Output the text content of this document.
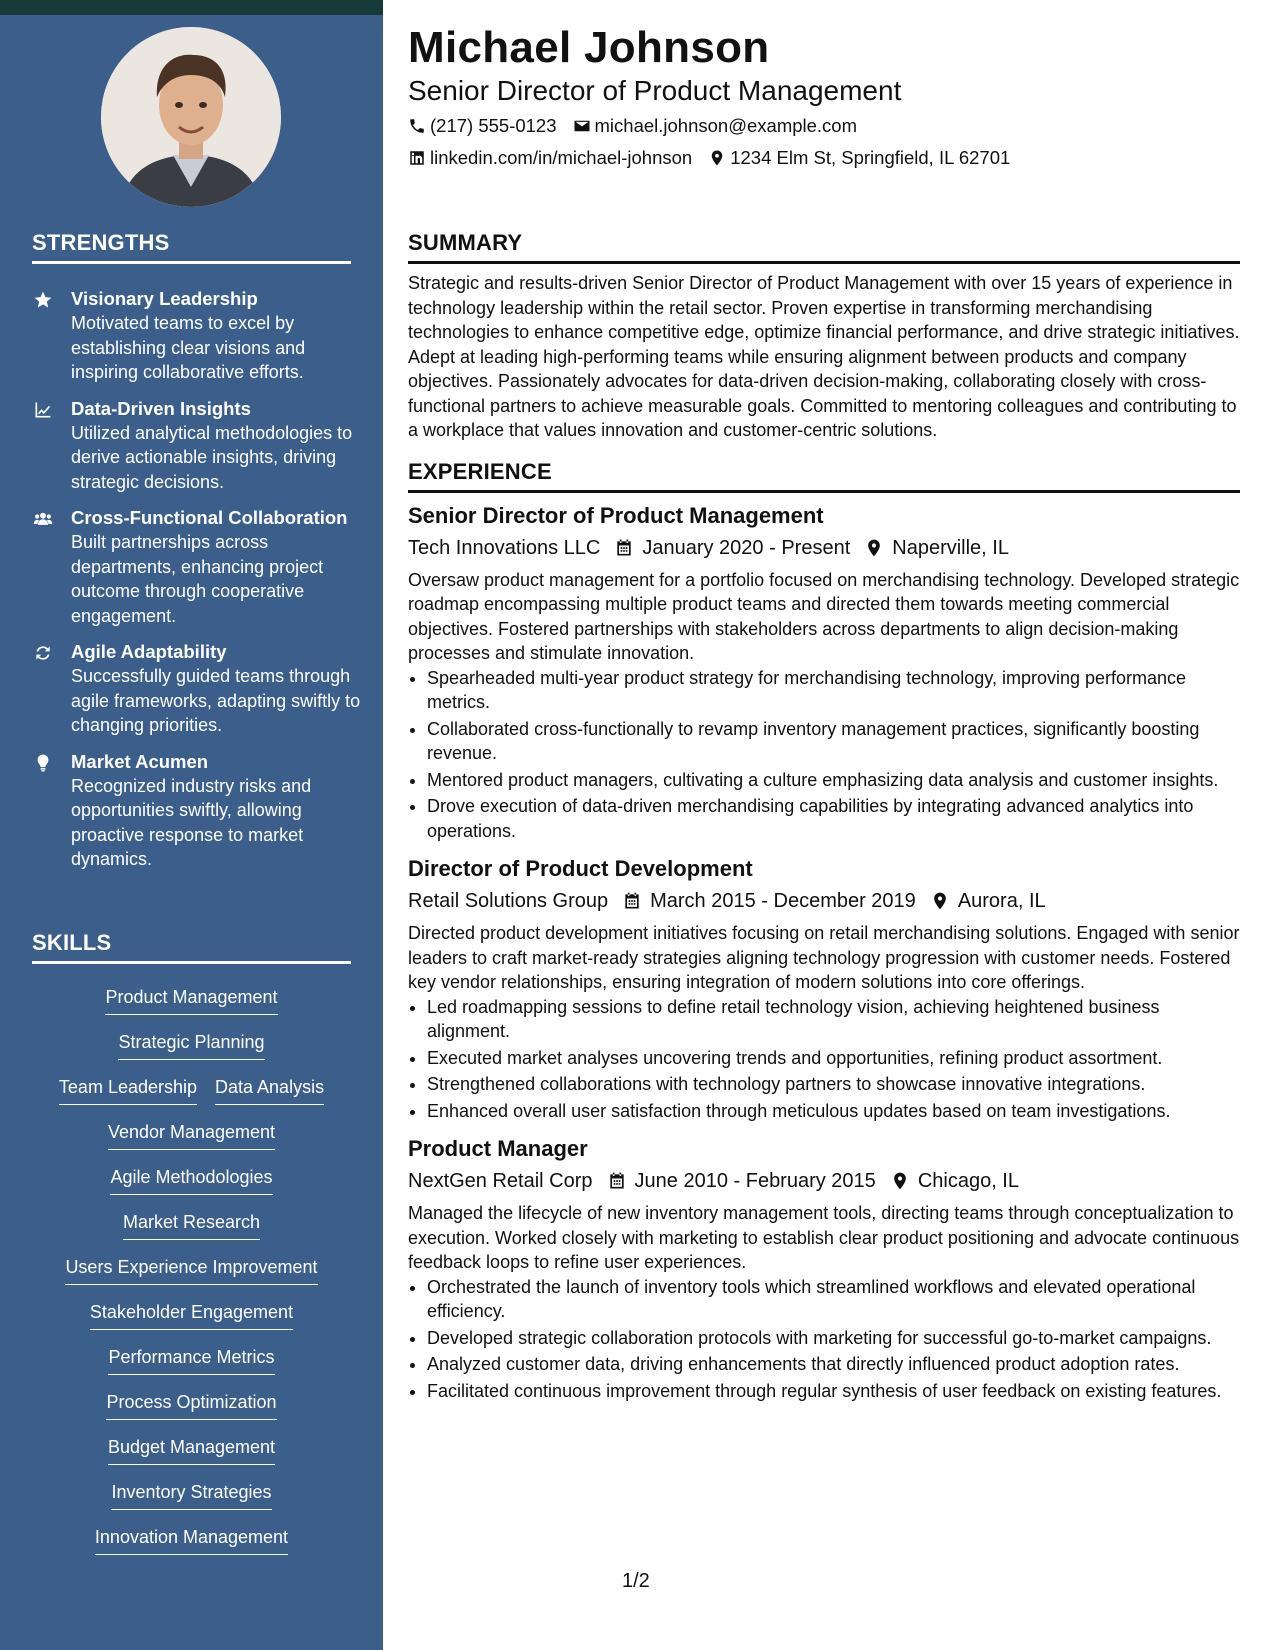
STRENGTHS
Visionary Leadership
Motivated teams to excel by establishing clear visions and inspiring collaborative efforts.
Data-Driven Insights
Utilized analytical methodologies to derive actionable insights, driving strategic decisions.
Cross-Functional Collaboration
Built partnerships across departments, enhancing project outcome through cooperative engagement.
Agile Adaptability
Successfully guided teams through agile frameworks, adapting swiftly to changing priorities.
Market Acumen
Recognized industry risks and opportunities swiftly, allowing proactive response to market dynamics.
SKILLS
Product Management
Strategic Planning
Team Leadership Data Analysis
Vendor Management
Agile Methodologies
Market Research
Users Experience Improvement
Stakeholder Engagement
Performance Metrics
Process Optimization
Budget Management
Inventory Strategies
Innovation Management
Michael Johnson
Senior Director of Product Management
(217) 555-0123 michael.johnson@example.com
linkedin.com/in/michael-johnson 1234 Elm St, Springfield, IL 62701
SUMMARY
Strategic and results-driven Senior Director of Product Management with over 15 years of experience in technology leadership within the retail sector. Proven expertise in transforming merchandising technologies to enhance competitive edge, optimize financial performance, and drive strategic initiatives. Adept at leading high-performing teams while ensuring alignment between products and company objectives. Passionately advocates for data-driven decision-making, collaborating closely with cross-functional partners to achieve measurable goals. Committed to mentoring colleagues and contributing to a workplace that values innovation and customer-centric solutions.
EXPERIENCE
Senior Director of Product Management
Tech Innovations LLC January 2020 - Present Naperville, IL
Oversaw product management for a portfolio focused on merchandising technology. Developed strategic roadmap encompassing multiple product teams and directed them towards meeting commercial objectives. Fostered partnerships with stakeholders across departments to align decision-making processes and stimulate innovation.
• Spearheaded multi-year product strategy for merchandising technology, improving performance metrics.
• Collaborated cross-functionally to revamp inventory management practices, significantly boosting revenue.
• Mentored product managers, cultivating a culture emphasizing data analysis and customer insights.
• Drove execution of data-driven merchandising capabilities by integrating advanced analytics into operations.
Director of Product Development
Retail Solutions Group March 2015 - December 2019 Aurora, IL
Directed product development initiatives focusing on retail merchandising solutions. Engaged with senior leaders to craft market-ready strategies aligning technology progression with customer needs. Fostered key vendor relationships, ensuring integration of modern solutions into core offerings.
• Led roadmapping sessions to define retail technology vision, achieving heightened business alignment.
• Executed market analyses uncovering trends and opportunities, refining product assortment.
• Strengthened collaborations with technology partners to showcase innovative integrations.
• Enhanced overall user satisfaction through meticulous updates based on team investigations.
Product Manager
NextGen Retail Corp June 2010 - February 2015 Chicago, IL
Managed the lifecycle of new inventory management tools, directing teams through conceptualization to execution. Worked closely with marketing to establish clear product positioning and advocate continuous feedback loops to refine user experiences.
• Orchestrated the launch of inventory tools which streamlined workflows and elevated operational efficiency.
• Developed strategic collaboration protocols with marketing for successful go-to-market campaigns.
• Analyzed customer data, driving enhancements that directly influenced product adoption rates.
• Facilitated continuous improvement through regular synthesis of user feedback on existing features.
1/2
